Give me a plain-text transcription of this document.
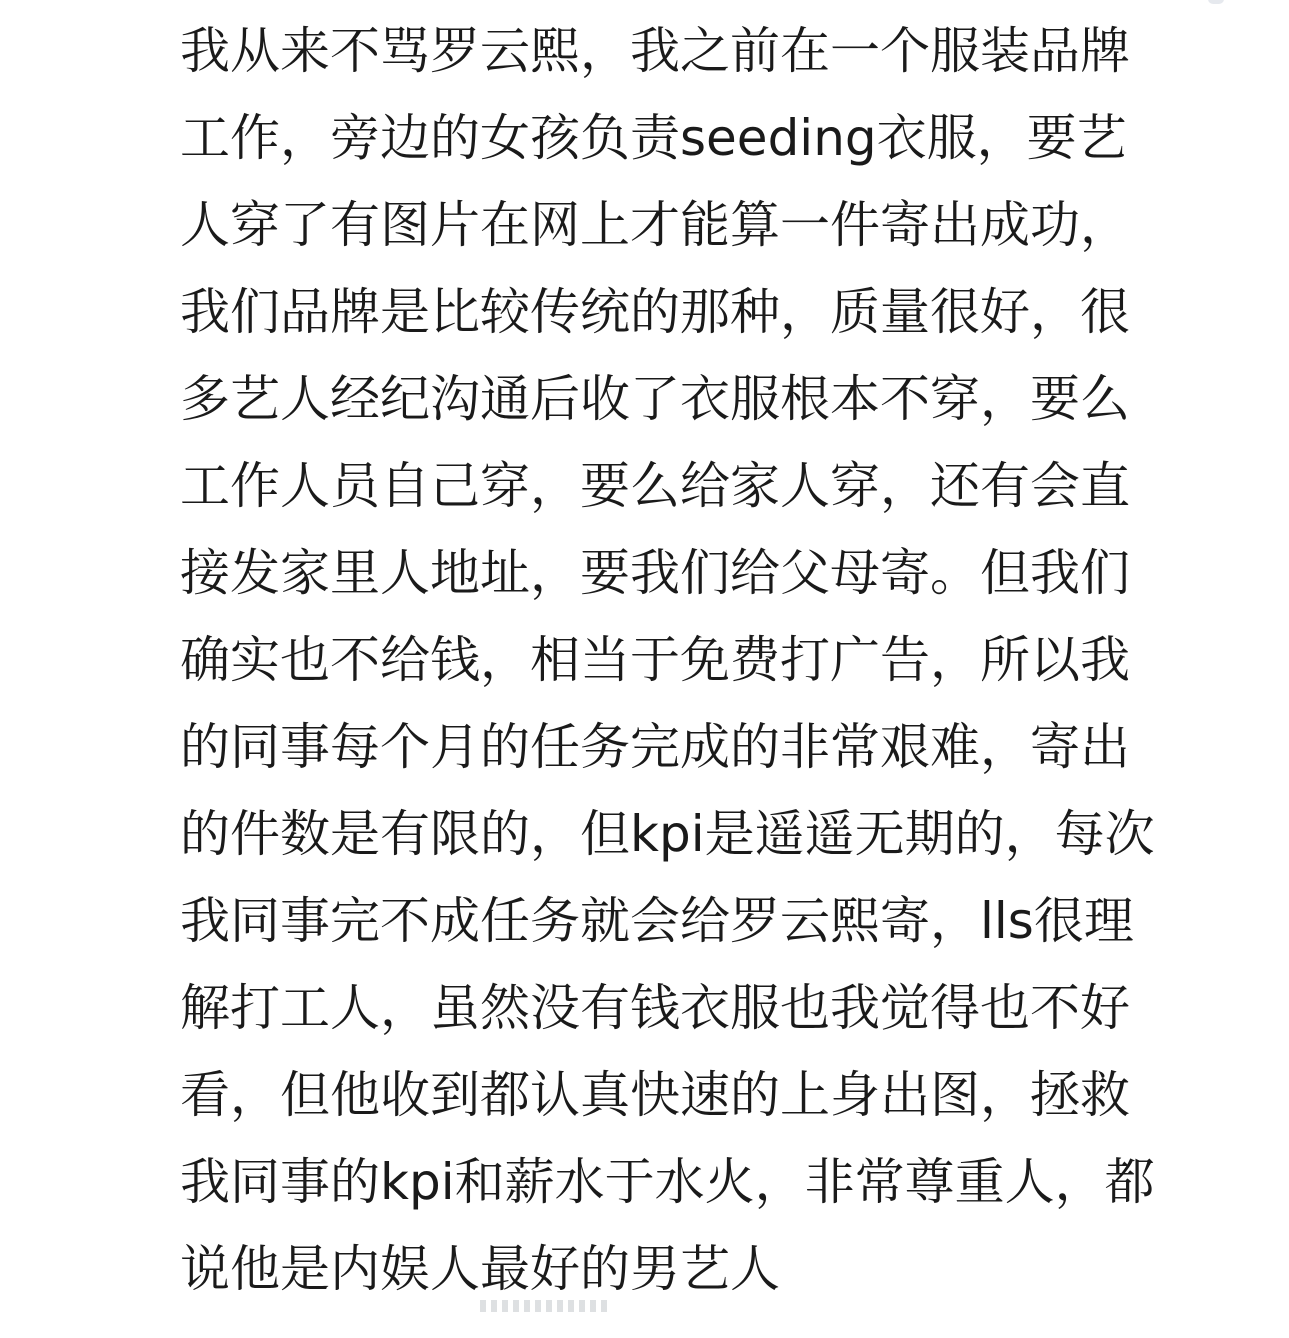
我从来不骂罗云熙，我之前在一个服装品牌
工作，旁边的女孩负责seeding衣服，要艺
人穿了有图片在网上才能算一件寄出成功，
我们品牌是比较传统的那种，质量很好，很
多艺人经纪沟通后收了衣服根本不穿，要么
工作人员自己穿，要么给家人穿，还有会直
接发家里人地址，要我们给父母寄。但我们
确实也不给钱，相当于免费打广告，所以我
的同事每个月的任务完成的非常艰难，寄出
的件数是有限的，但kpi是遥遥无期的，每次
我同事完不成任务就会给罗云熙寄，lls很理
解打工人，虽然没有钱衣服也我觉得也不好
看，但他收到都认真快速的上身出图，拯救
我同事的kpi和薪水于水火，非常尊重人，都
说他是内娱人最好的男艺人
